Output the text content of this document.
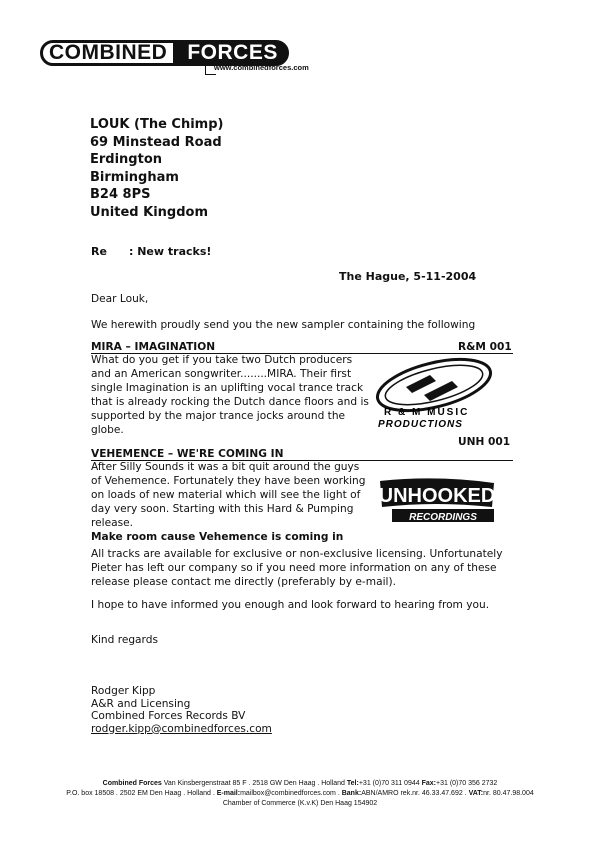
COMBINED FORCES
www.combinedforces.com
LOUK (The Chimp)
69 Minstead Road
Erdington
Birmingham
B24 8PS
United Kingdom
Re : New tracks!
The Hague, 5-11-2004
Dear Louk,
We herewith proudly send you the new sampler containing the following
MIRA – IMAGINATION	R&M 001
What do you get if you take two Dutch producers
and an American songwriter........MIRA. Their first
single Imagination is an uplifting vocal trance track
that is already rocking the Dutch dance floors and is
supported by the major trance jocks around the
globe.
R & M MUSIC
PRODUCTIONS
UNH 001
VEHEMENCE – WE'RE COMING IN
After Silly Sounds it was a bit quit around the guys
of Vehemence. Fortunately they have been working
on loads of new material which will see the light of
day very soon. Starting with this Hard & Pumping
release.
Make room cause Vehemence is coming in
UNHOOKED
RECORDINGS
All tracks are available for exclusive or non-exclusive licensing. Unfortunately
Pieter has left our company so if you need more information on any of these
release please contact me directly (preferably by e-mail).
I hope to have informed you enough and look forward to hearing from you.
Kind regards
Rodger Kipp
A&R and Licensing
Combined Forces Records BV
rodger.kipp@combinedforces.com
Combined Forces Van Kinsbergenstraat 85 F . 2518 GW Den Haag . Holland Tel:+31 (0)70 311 0944 Fax:+31 (0)70 356 2732
P.O. box 18508 . 2502 EM Den Haag . Holland . E-mail:mailbox@combinedforces.com . Bank:ABN/AMRO rek.nr. 46.33.47.692 . VAT:nr. 80.47.98.004
Chamber of Commerce (K.v.K) Den Haag 154902
